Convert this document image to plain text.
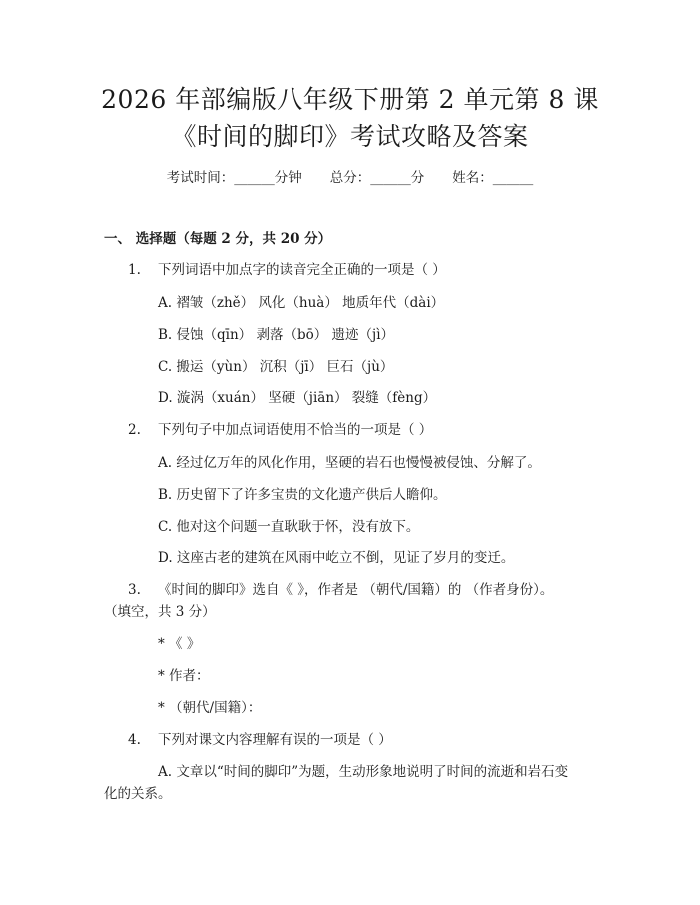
2026 年部编版八年级下册第 2 单元第 8 课
《时间的脚印》考试攻略及答案
考试时间：______分钟 总分：______分 姓名：______
一、 选择题（每题 2 分，共 20 分）
1. 下列词语中加点字的读音完全正确的一项是（ ）
A. 褶皱（zhě） 风化（huà） 地质年代（dài）
B. 侵蚀（qīn） 剥落（bō） 遗迹（jì）
C. 搬运（yùn） 沉积（jī） 巨石（jù）
D. 漩涡（xuán） 坚硬（jiān） 裂缝（fèng）
2. 下列句子中加点词语使用不恰当的一项是（ ）
A. 经过亿万年的风化作用，坚硬的岩石也慢慢被侵蚀、分解了。
B. 历史留下了许多宝贵的文化遗产供后人瞻仰。
C. 他对这个问题一直耿耿于怀，没有放下。
D. 这座古老的建筑在风雨中屹立不倒，见证了岁月的变迁。
3. 《时间的脚印》选自《 》，作者是 （朝代/国籍）的 （作者身份）。
（填空，共 3 分）
* 《 》
* 作者：
* （朝代/国籍）：
4. 下列对课文内容理解有误的一项是（ ）
A. 文章以“时间的脚印”为题，生动形象地说明了时间的流逝和岩石变
化的关系。
